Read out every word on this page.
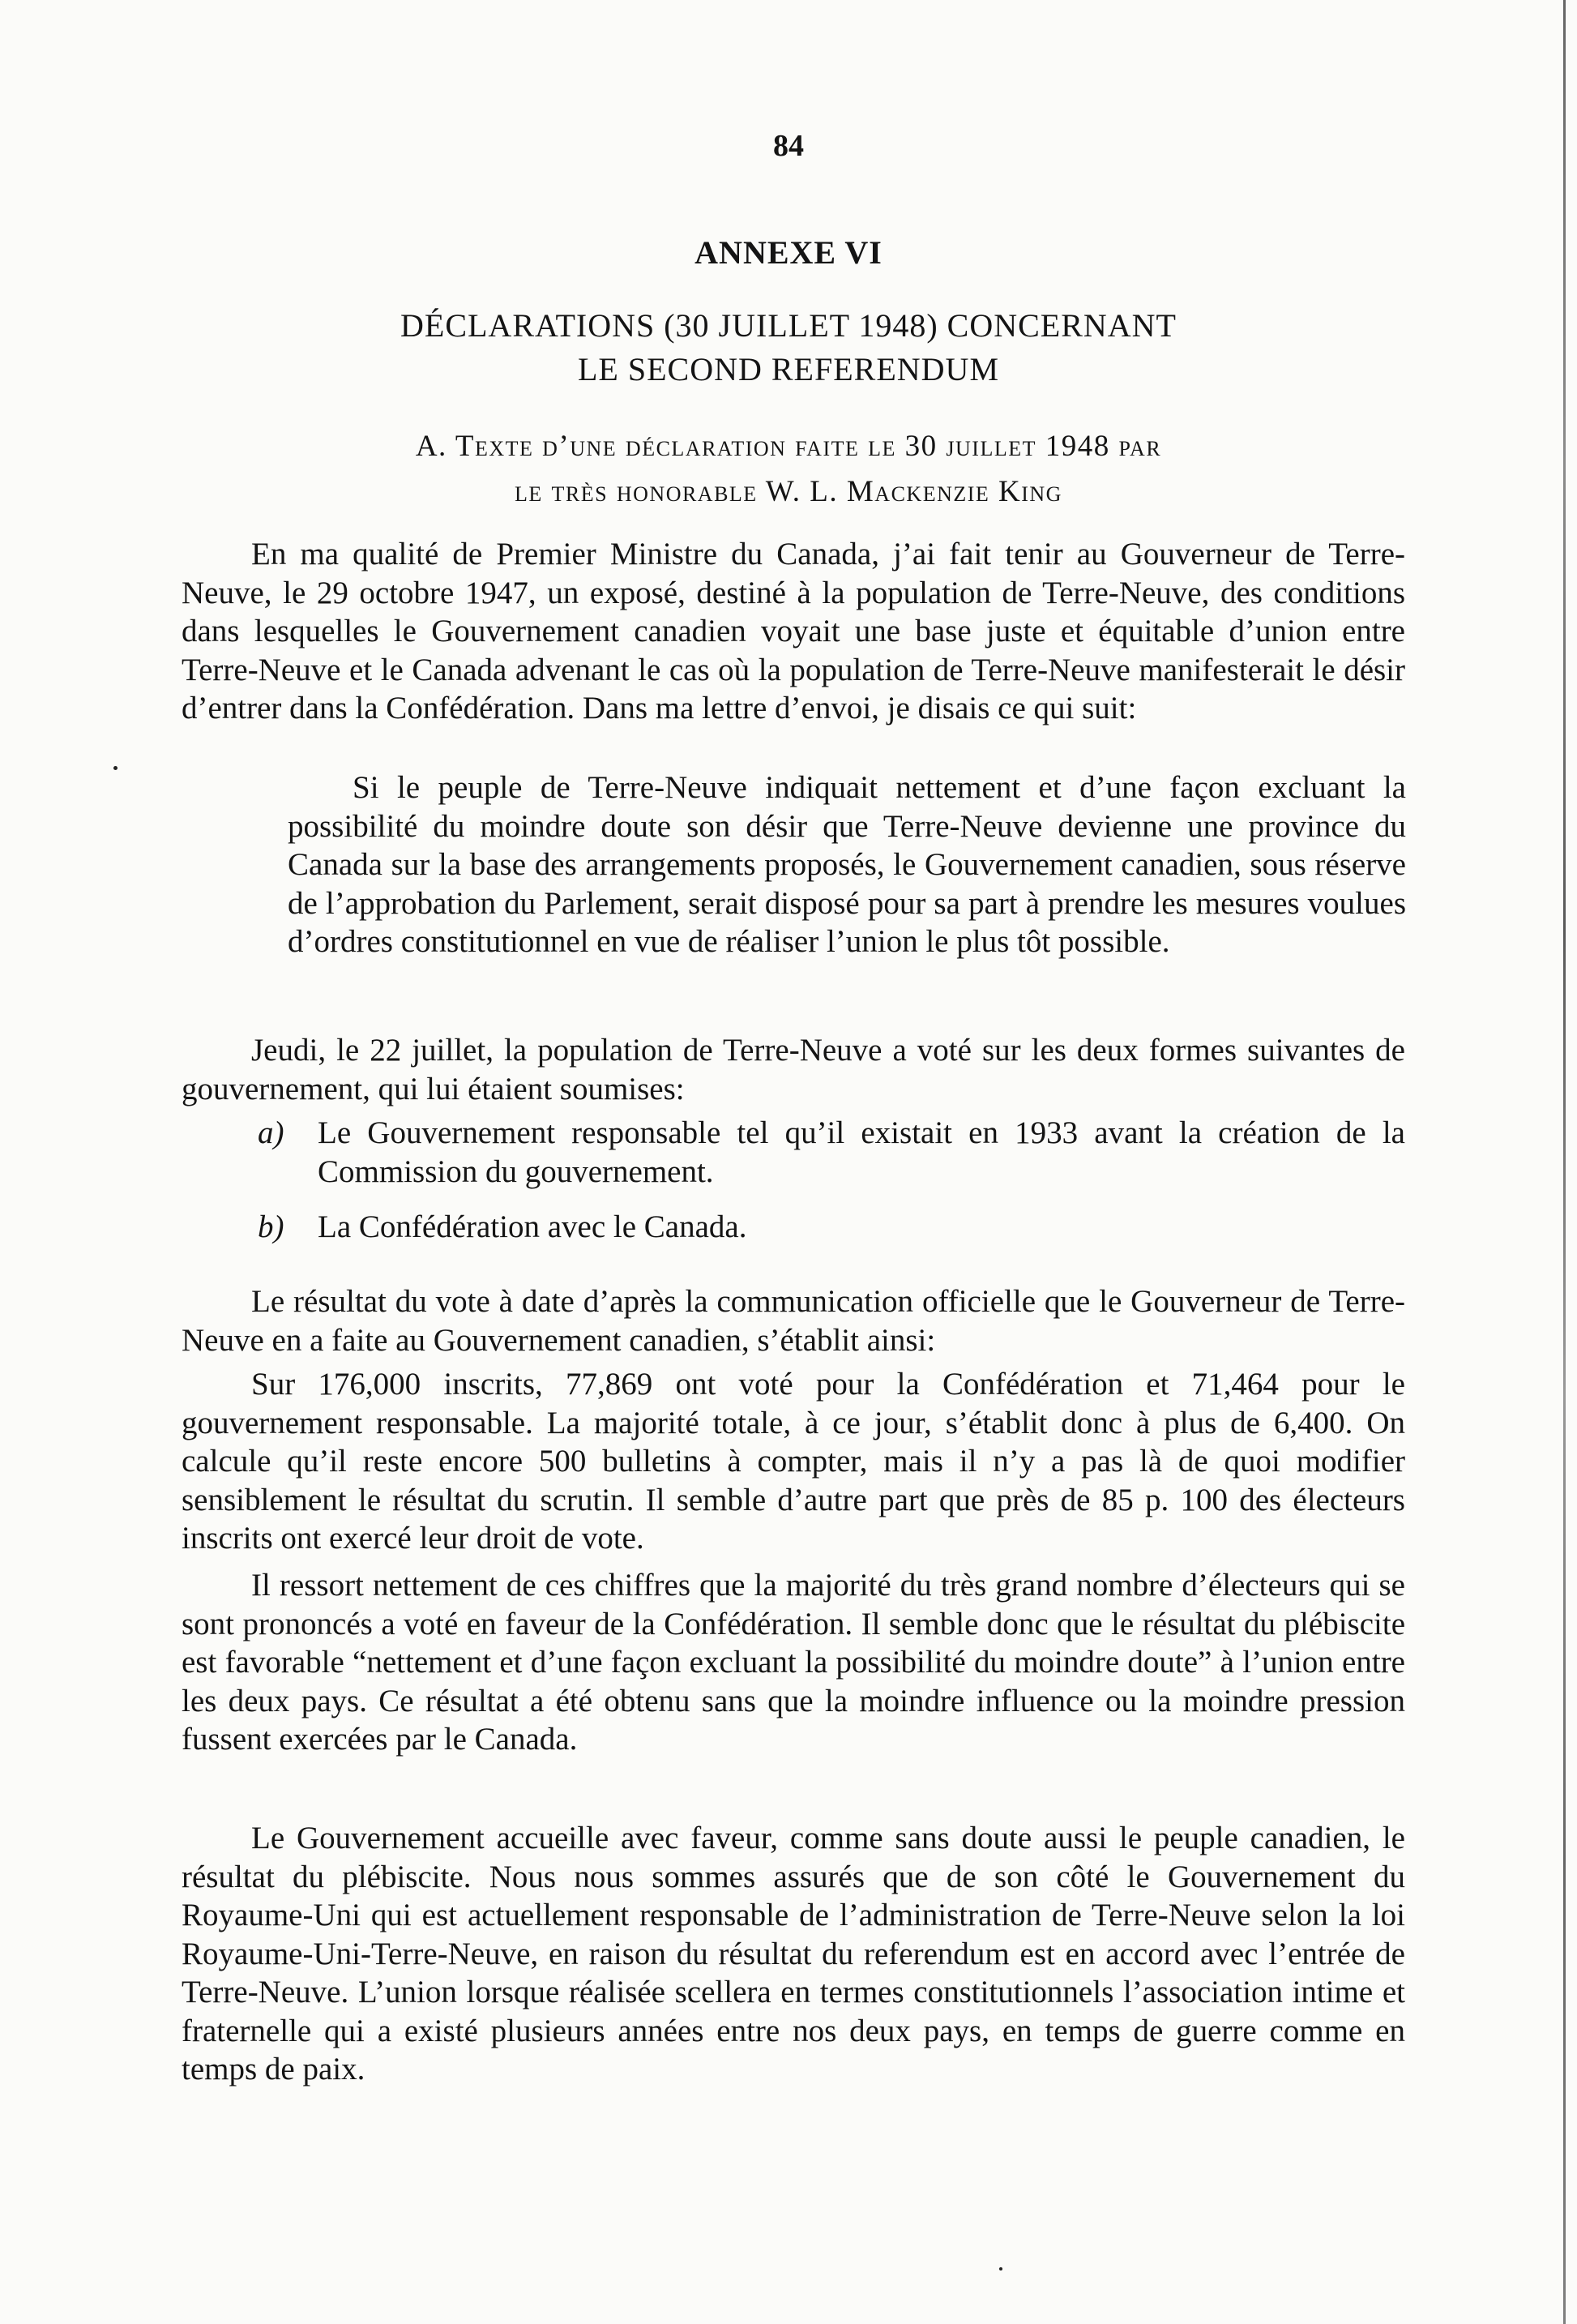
84
ANNEXE VI
DÉCLARATIONS (30 JUILLET 1948) CONCERNANT
LE SECOND REFERENDUM
A. Texte d’une déclaration faite le 30 juillet 1948 par
le très honorable W. L. Mackenzie King

En ma qualité de Premier Ministre du Canada, j’ai fait tenir au Gouverneur de Terre-Neuve, le 29 octobre 1947, un exposé, destiné à la population de Terre-Neuve, des conditions dans lesquelles le Gouvernement canadien voyait une base juste et équitable d’union entre Terre-Neuve et le Canada advenant le cas où la population de Terre-Neuve manifesterait le désir d’entrer dans la Confédération. Dans ma lettre d’envoi, je disais ce qui suit:

Si le peuple de Terre-Neuve indiquait nettement et d’une façon excluant la possibilité du moindre doute son désir que Terre-Neuve devienne une province du Canada sur la base des arrangements proposés, le Gouvernement canadien, sous réserve de l’approbation du Parlement, serait disposé pour sa part à prendre les mesures voulues d’ordres constitutionnel en vue de réaliser l’union le plus tôt possible.

Jeudi, le 22 juillet, la population de Terre-Neuve a voté sur les deux formes suivantes de gouvernement, qui lui étaient soumises:

a) Le Gouvernement responsable tel qu’il existait en 1933 avant la création de la Commission du gouvernement.
b) La Confédération avec le Canada.

Le résultat du vote à date d’après la communication officielle que le Gouverneur de Terre-Neuve en a faite au Gouvernement canadien, s’établit ainsi:

Sur 176,000 inscrits, 77,869 ont voté pour la Confédération et 71,464 pour le gouvernement responsable. La majorité totale, à ce jour, s’établit donc à plus de 6,400. On calcule qu’il reste encore 500 bulletins à compter, mais il n’y a pas là de quoi modifier sensiblement le résultat du scrutin. Il semble d’autre part que près de 85 p. 100 des électeurs inscrits ont exercé leur droit de vote.

Il ressort nettement de ces chiffres que la majorité du très grand nombre d’électeurs qui se sont prononcés a voté en faveur de la Confédération. Il semble donc que le résultat du plébiscite est favorable “nettement et d’une façon excluant la possibilité du moindre doute” à l’union entre les deux pays. Ce résultat a été obtenu sans que la moindre influence ou la moindre pression fussent exercées par le Canada.

Le Gouvernement accueille avec faveur, comme sans doute aussi le peuple canadien, le résultat du plébiscite. Nous nous sommes assurés que de son côté le Gouvernement du Royaume-Uni qui est actuellement responsable de l’administration de Terre-Neuve selon la loi Royaume-Uni-Terre-Neuve, en raison du résultat du referendum est en accord avec l’entrée de Terre-Neuve. L’union lorsque réalisée scellera en termes constitutionnels l’association intime et fraternelle qui a existé plusieurs années entre nos deux pays, en temps de guerre comme en temps de paix.
